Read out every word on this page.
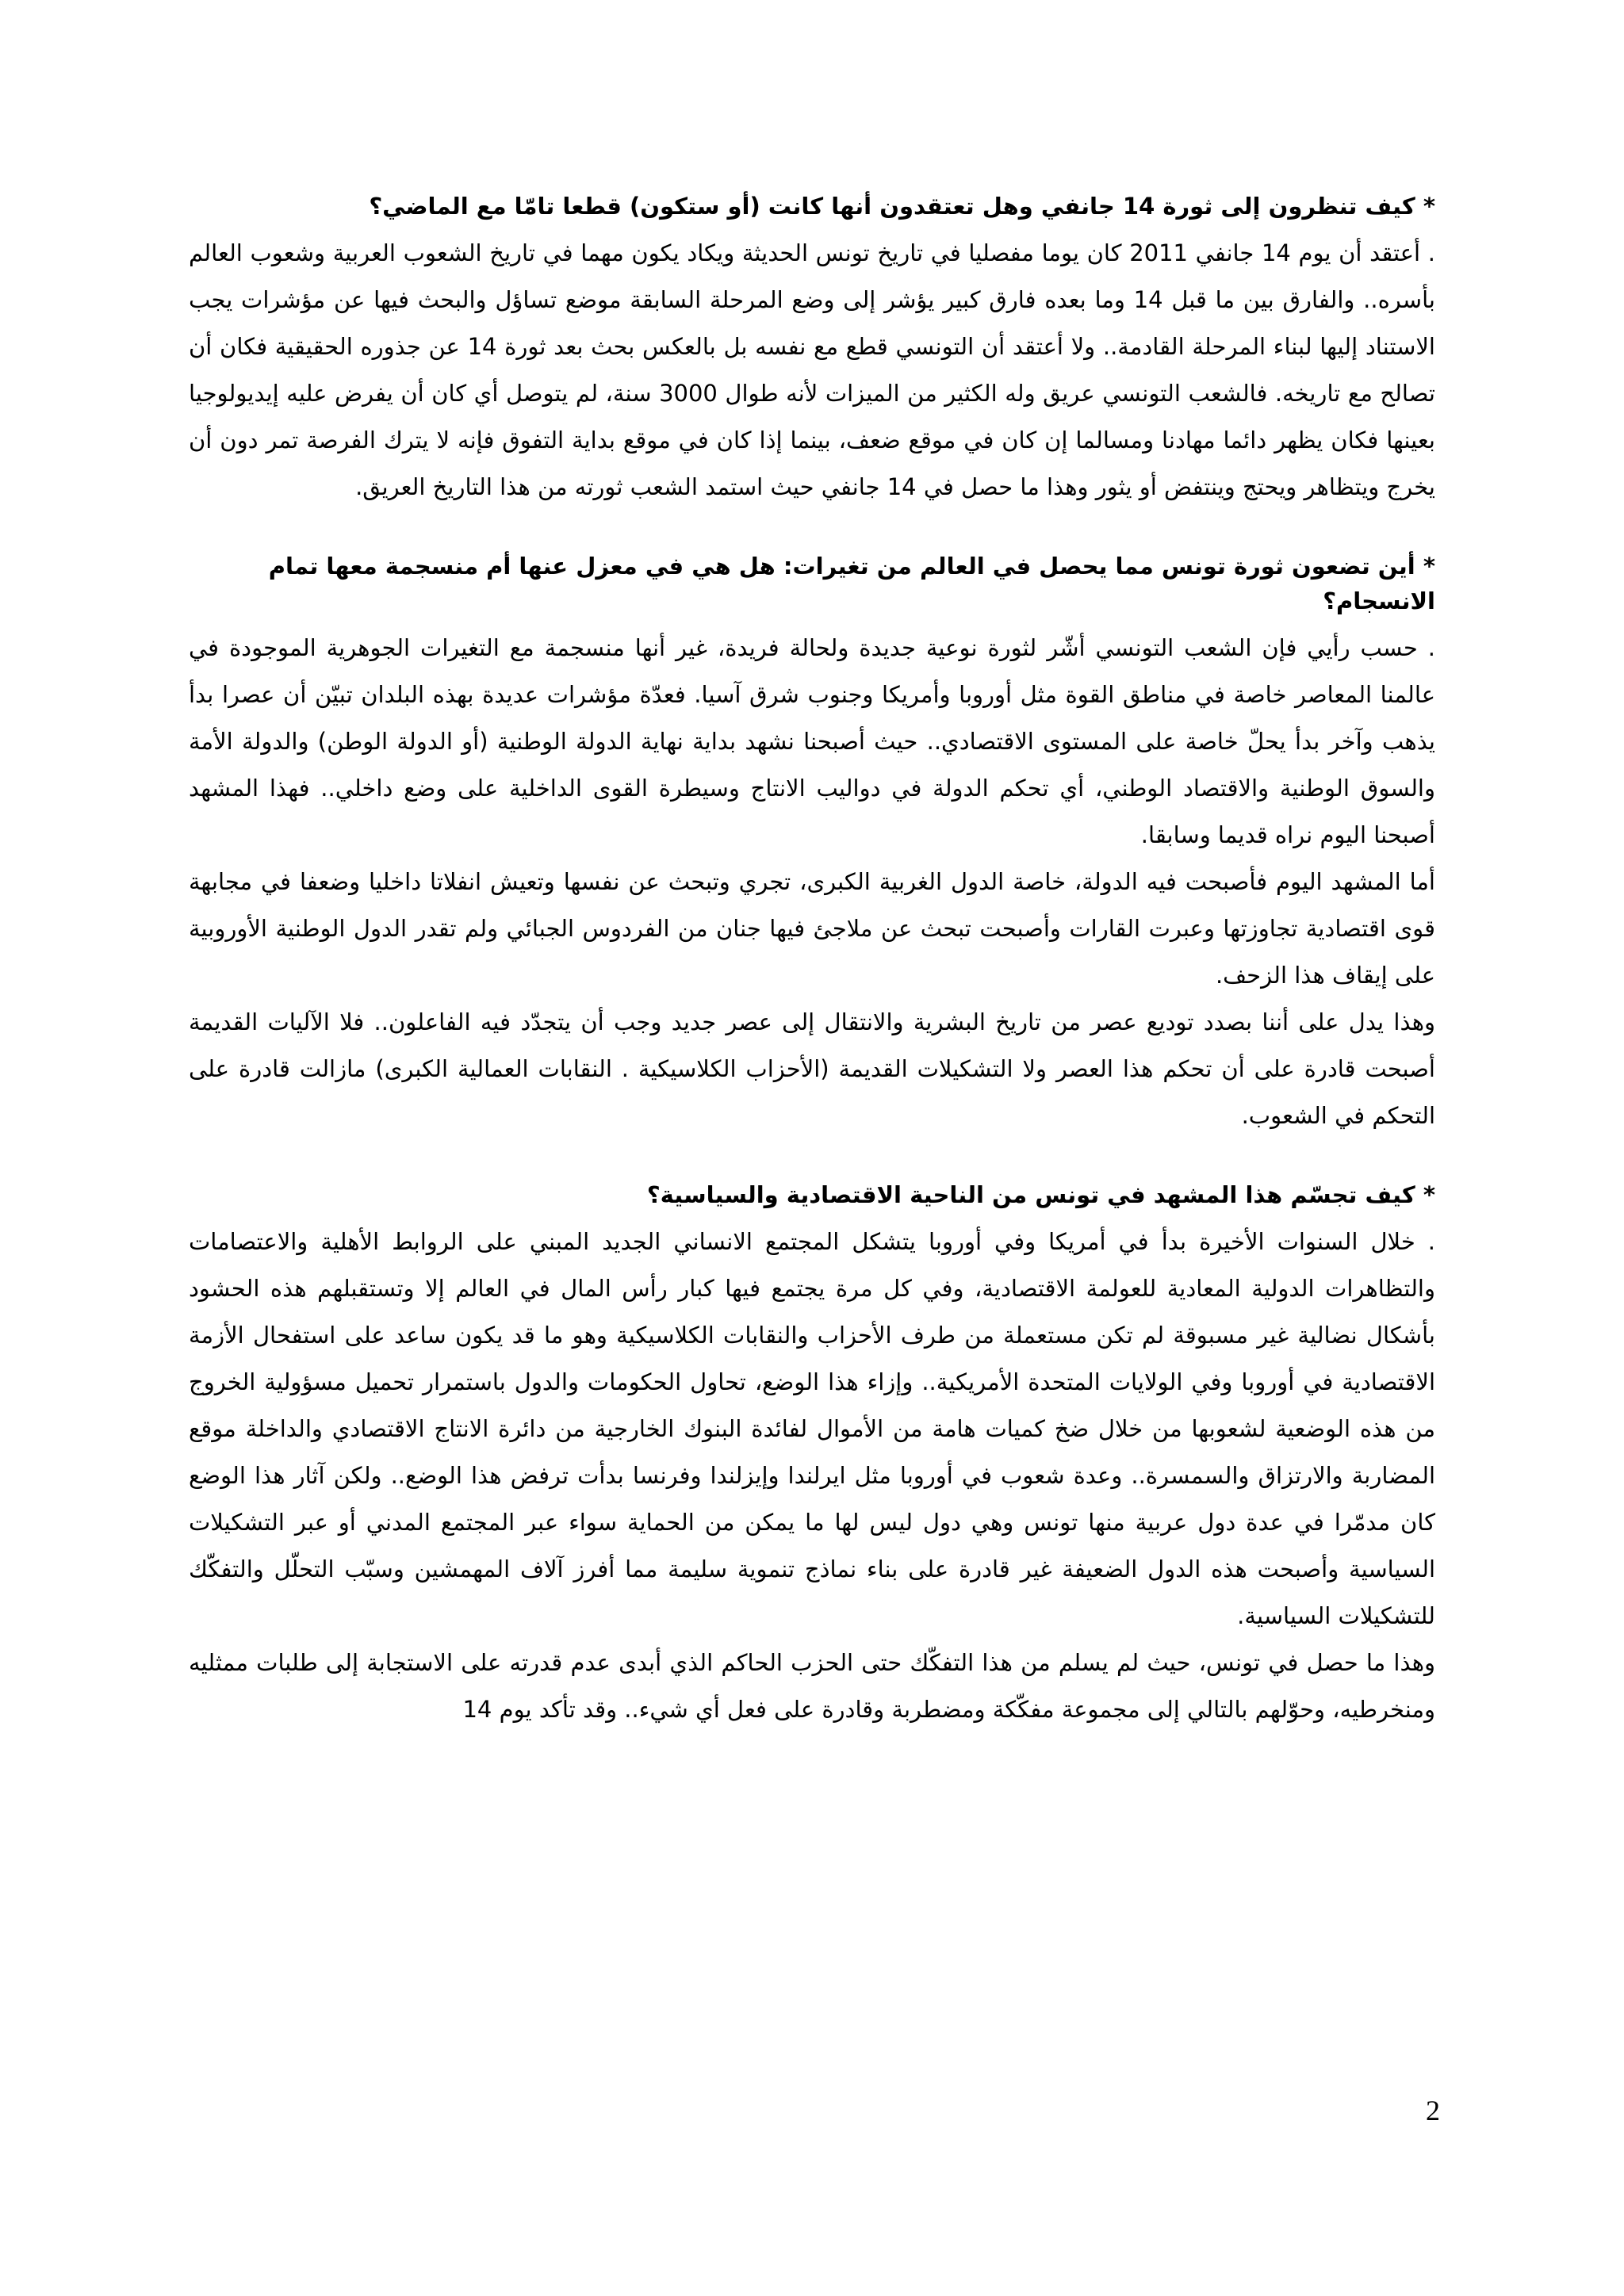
* كيف تنظرون إلى ثورة 14 جانفي وهل تعتقدون أنها كانت (أو ستكون) قطعا تامّا مع الماضي؟

. أعتقد أن يوم 14 جانفي 2011 كان يوما مفصليا في تاريخ تونس الحديثة ويكاد يكون مهما في تاريخ الشعوب العربية وشعوب العالم بأسره.. والفارق بين ما قبل 14 وما بعده فارق كبير يؤشر إلى وضع المرحلة السابقة موضع تساؤل والبحث فيها عن مؤشرات يجب الاستناد إليها لبناء المرحلة القادمة.. ولا أعتقد أن التونسي قطع مع نفسه بل بالعكس بحث بعد ثورة 14 عن جذوره الحقيقية فكان أن تصالح مع تاريخه. فالشعب التونسي عريق وله الكثير من الميزات لأنه طوال 3000 سنة، لم يتوصل أي كان أن يفرض عليه إيديولوجيا بعينها فكان يظهر دائما مهادنا ومسالما إن كان في موقع ضعف، بينما إذا كان في موقع بداية التفوق فإنه لا يترك الفرصة تمر دون أن يخرج ويتظاهر ويحتج وينتفض أو يثور وهذا ما حصل في 14 جانفي حيث استمد الشعب ثورته من هذا التاريخ العريق.

* أين تضعون ثورة تونس مما يحصل في العالم من تغيرات: هل هي في معزل عنها أم منسجمة معها تمام الانسجام؟

. حسب رأيي فإن الشعب التونسي أشّر لثورة نوعية جديدة ولحالة فريدة، غير أنها منسجمة مع التغيرات الجوهرية الموجودة في عالمنا المعاصر خاصة في مناطق القوة مثل أوروبا وأمريكا وجنوب شرق آسيا. فعدّة مؤشرات عديدة بهذه البلدان تبيّن أن عصرا بدأ يذهب وآخر بدأ يحلّ خاصة على المستوى الاقتصادي.. حيث أصبحنا نشهد بداية نهاية الدولة الوطنية (أو الدولة الوطن) والدولة الأمة والسوق الوطنية والاقتصاد الوطني، أي تحكم الدولة في دواليب الانتاج وسيطرة القوى الداخلية على وضع داخلي.. فهذا المشهد أصبحنا اليوم نراه قديما وسابقا.

أما المشهد اليوم فأصبحت فيه الدولة، خاصة الدول الغربية الكبرى، تجري وتبحث عن نفسها وتعيش انفلاتا داخليا وضعفا في مجابهة قوى اقتصادية تجاوزتها وعبرت القارات وأصبحت تبحث عن ملاجئ فيها جنان من الفردوس الجبائي ولم تقدر الدول الوطنية الأوروبية على إيقاف هذا الزحف.

وهذا يدل على أننا بصدد توديع عصر من تاريخ البشرية والانتقال إلى عصر جديد وجب أن يتجدّد فيه الفاعلون.. فلا الآليات القديمة أصبحت قادرة على أن تحكم هذا العصر ولا التشكيلات القديمة (الأحزاب الكلاسيكية . النقابات العمالية الكبرى) مازالت قادرة على التحكم في الشعوب.

* كيف تجسّم هذا المشهد في تونس من الناحية الاقتصادية والسياسية؟

. خلال السنوات الأخيرة بدأ في أمريكا وفي أوروبا يتشكل المجتمع الانساني الجديد المبني على الروابط الأهلية والاعتصامات والتظاهرات الدولية المعادية للعولمة الاقتصادية، وفي كل مرة يجتمع فيها كبار رأس المال في العالم إلا وتستقبلهم هذه الحشود بأشكال نضالية غير مسبوقة لم تكن مستعملة من طرف الأحزاب والنقابات الكلاسيكية وهو ما قد يكون ساعد على استفحال الأزمة الاقتصادية في أوروبا وفي الولايات المتحدة الأمريكية.. وإزاء هذا الوضع، تحاول الحكومات والدول باستمرار تحميل مسؤولية الخروج من هذه الوضعية لشعوبها من خلال ضخ كميات هامة من الأموال لفائدة البنوك الخارجية من دائرة الانتاج الاقتصادي والداخلة موقع المضاربة والارتزاق والسمسرة.. وعدة شعوب في أوروبا مثل ايرلندا وإيزلندا وفرنسا بدأت ترفض هذا الوضع.. ولكن آثار هذا الوضع كان مدمّرا في عدة دول عربية منها تونس وهي دول ليس لها ما يمكن من الحماية سواء عبر المجتمع المدني أو عبر التشكيلات السياسية وأصبحت هذه الدول الضعيفة غير قادرة على بناء نماذج تنموية سليمة مما أفرز آلاف المهمشين وسبّب التحلّل والتفكّك للتشكيلات السياسية.

وهذا ما حصل في تونس، حيث لم يسلم من هذا التفكّك حتى الحزب الحاكم الذي أبدى عدم قدرته على الاستجابة إلى طلبات ممثليه ومنخرطيه، وحوّلهم بالتالي إلى مجموعة مفكّكة ومضطربة وقادرة على فعل أي شيء.. وقد تأكد يوم 14

2
